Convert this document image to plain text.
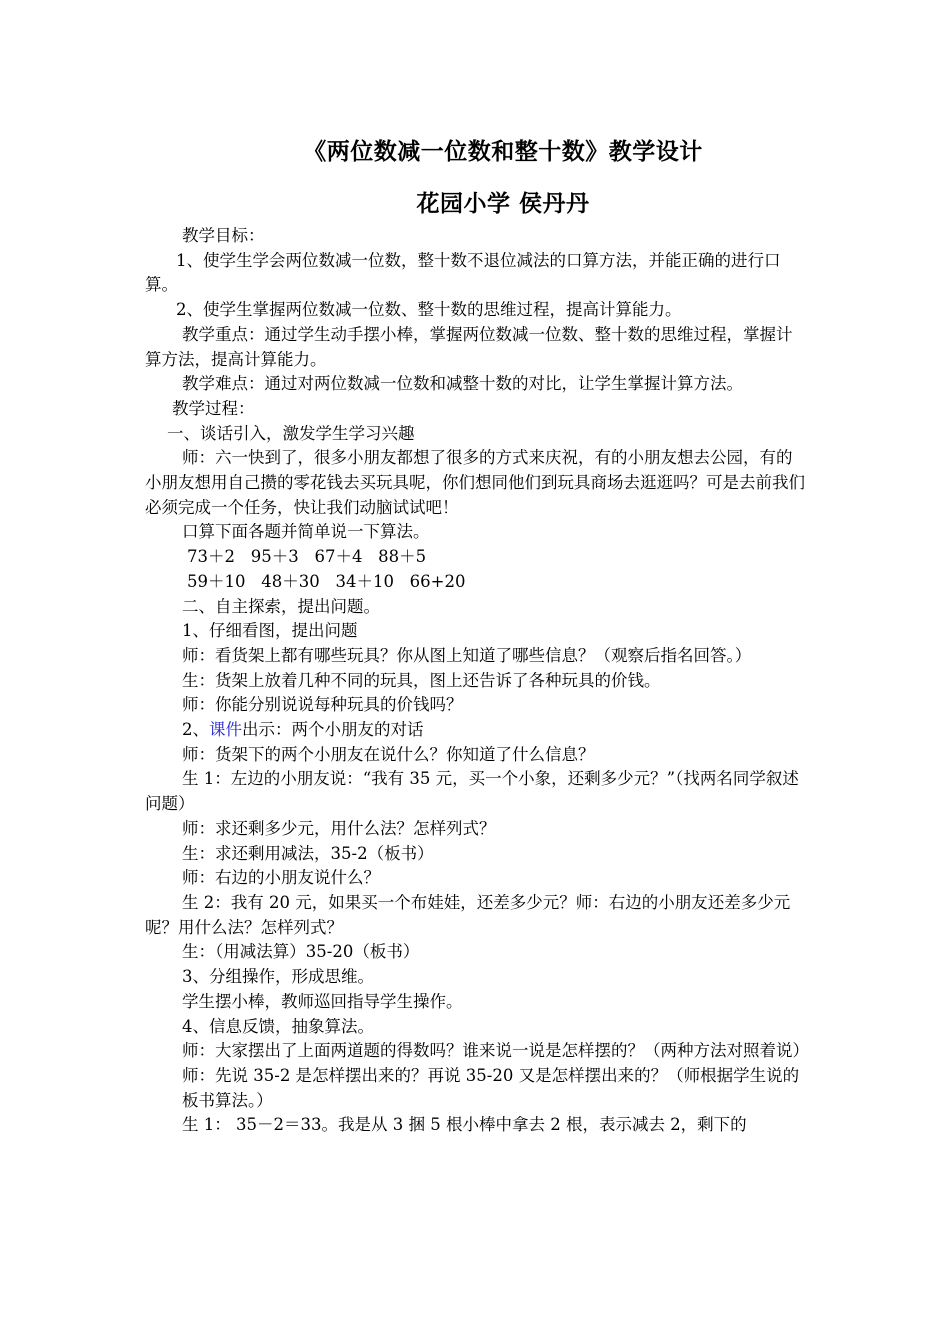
《两位数减一位数和整十数》教学设计
花园小学 侯丹丹

教学目标：

1、使学生学会两位数减一位数，整十数不退位减法的口算方法，并能正确的进行口算。

2、使学生掌握两位数减一位数、整十数的思维过程，提高计算能力。

教学重点：通过学生动手摆小棒，掌握两位数减一位数、整十数的思维过程，掌握计算方法，提高计算能力。

教学难点：通过对两位数减一位数和减整十数的对比，让学生掌握计算方法。

教学过程：

一、谈话引入，激发学生学习兴趣

师：六一快到了，很多小朋友都想了很多的方式来庆祝，有的小朋友想去公园，有的小朋友想用自己攒的零花钱去买玩具呢，你们想同他们到玩具商场去逛逛吗？可是去前我们必须完成一个任务，快让我们动脑试试吧！

口算下面各题并简单说一下算法。

73＋2   95＋3   67＋4   88＋5

59＋10   48＋30   34＋10   66+20

二、自主探索，提出问题。

1、仔细看图，提出问题

师：看货架上都有哪些玩具？你从图上知道了哪些信息？（观察后指名回答。）

生：货架上放着几种不同的玩具，图上还告诉了各种玩具的价钱。

师：你能分别说说每种玩具的价钱吗？

2、课件出示：两个小朋友的对话

师：货架下的两个小朋友在说什么？你知道了什么信息？

生 1：左边的小朋友说：“我有 35 元，买一个小象，还剩多少元？”（找两名同学叙述问题）

师：求还剩多少元，用什么法？怎样列式？

生：求还剩用减法，35-2（板书）

师：右边的小朋友说什么？

生 2：我有 20 元，如果买一个布娃娃，还差多少元？师：右边的小朋友还差多少元呢？用什么法？怎样列式？

生：（用减法算）35-20（板书）

3、分组操作，形成思维。

学生摆小棒，教师巡回指导学生操作。

4、信息反馈，抽象算法。

师：大家摆出了上面两道题的得数吗？谁来说一说是怎样摆的？（两种方法对照着说）

师：先说 35-2 是怎样摆出来的？再说 35-20 又是怎样摆出来的？（师根据学生说的板书算法。）

生 1： 35－2＝33。我是从 3 捆 5 根小棒中拿去 2 根，表示减去 2，剩下的
